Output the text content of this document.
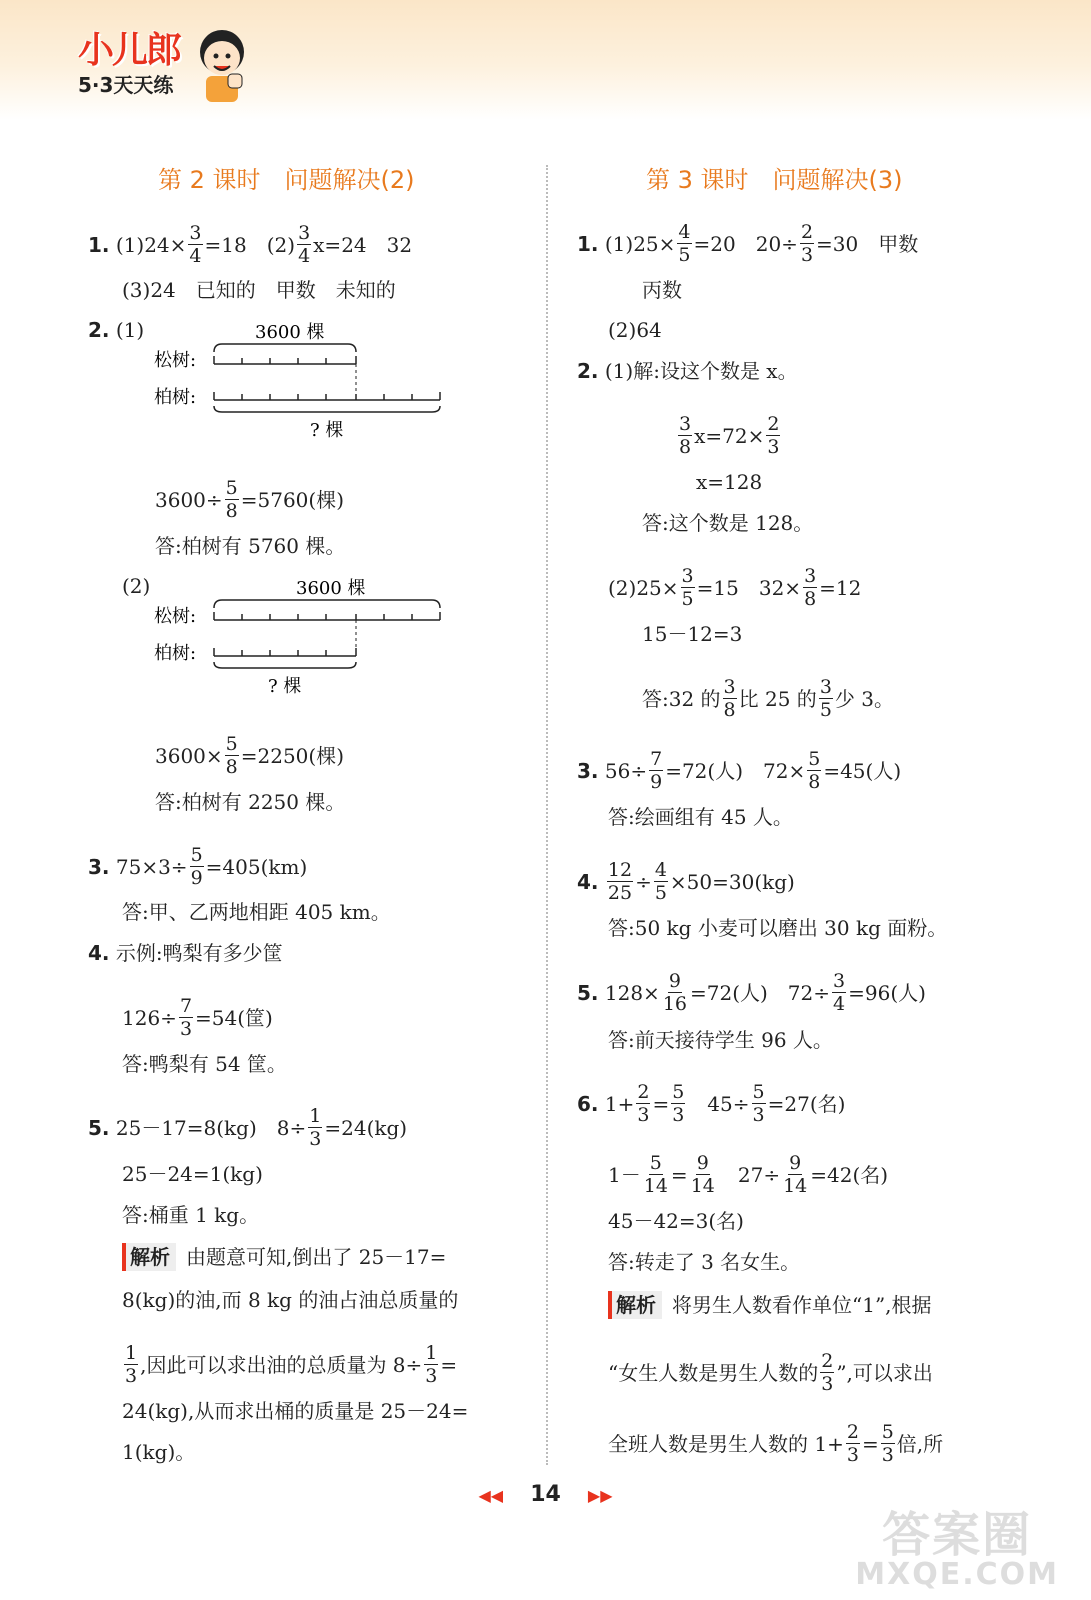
小儿郎
5·3天天练
第 2 课时　问题解决(2)
1.
$(1)24\times \frac{3}{4} =18$　$(2) \frac{3}{4} x=24$　32
(3)24　已知的　甲数　未知的
2.
(1)	3600 棵
松树:
柏树:
? 棵
$3600\div \frac{5}{8} =5760$(棵)
答:柏树有 5760 棵。
(2)	3600 棵
松树:
柏树:
? 棵
$3600\times \frac{5}{8} =2250$(棵)
答:柏树有 2250 棵。
3.
$75\times 3\div \frac{5}{9} =405(km)$
答:甲、乙两地相距 405 km。
4.
示例:鸭梨有多少筐
$126\div \frac{7}{3} =54$(筐)
答:鸭梨有 54 筐。
5.
25－17=8(kg)　$8\div \frac{1}{3} =24(kg)$
25－24=1(kg)
答:桶重 1 kg。
解析 由题意可知,倒出了 25－17=
8(kg)的油,而 8 kg 的油占油总质量的
$\frac{1}{3}$ ,因此可以求出油的总质量为 $8\div \frac{1}{3}$ =
24(kg),从而求出桶的质量是 25－24=
1(kg)。
第 3 课时　问题解决(3)
1.
$(1)25\times \frac{4}{5} =20$　$20\div \frac{2}{3} =30$　甲数
丙数
(2)64
2.
(1)解:设这个数是 x。
$\frac{3}{8} x=72\times \frac{2}{3}$
x=128
答:这个数是 128。
$(2)25\times \frac{3}{5} =15$　$32\times \frac{3}{8} =12$
15－12=3
答:32 的 $\frac{3}{8}$ 比 25 的 $\frac{3}{5}$ 少 3。
3.
$56\div \frac{7}{9} =72$(人)　$72\times \frac{5}{8} =45$(人)
答:绘画组有 45 人。
4.
$\frac{12}{25} \div \frac{4}{5} \times 50=30(kg)$
答:50 kg 小麦可以磨出 30 kg 面粉。
5.
$128\times \frac{9}{16} =72$(人)　$72\div \frac{3}{4} =96$(人)
答:前天接待学生 96 人。
6.
$1+ \frac{2}{3} = \frac{5}{3}$ 　$45\div \frac{5}{3} =27$(名)
$1- \frac{5}{14} = \frac{9}{14}$ 　$27\div \frac{9}{14} =42$(名)
45－42=3(名)
答:转走了 3 名女生。
解析 将男生人数看作单位“1”,根据
“女生人数是男生人数的 $\frac{2}{3}$ ”,可以求出
全班人数是男生人数的 $1+ \frac{2}{3} = \frac{5}{3}$ 倍,所
◀◀ 14 ▶▶
答案圈
MXQE.COM
